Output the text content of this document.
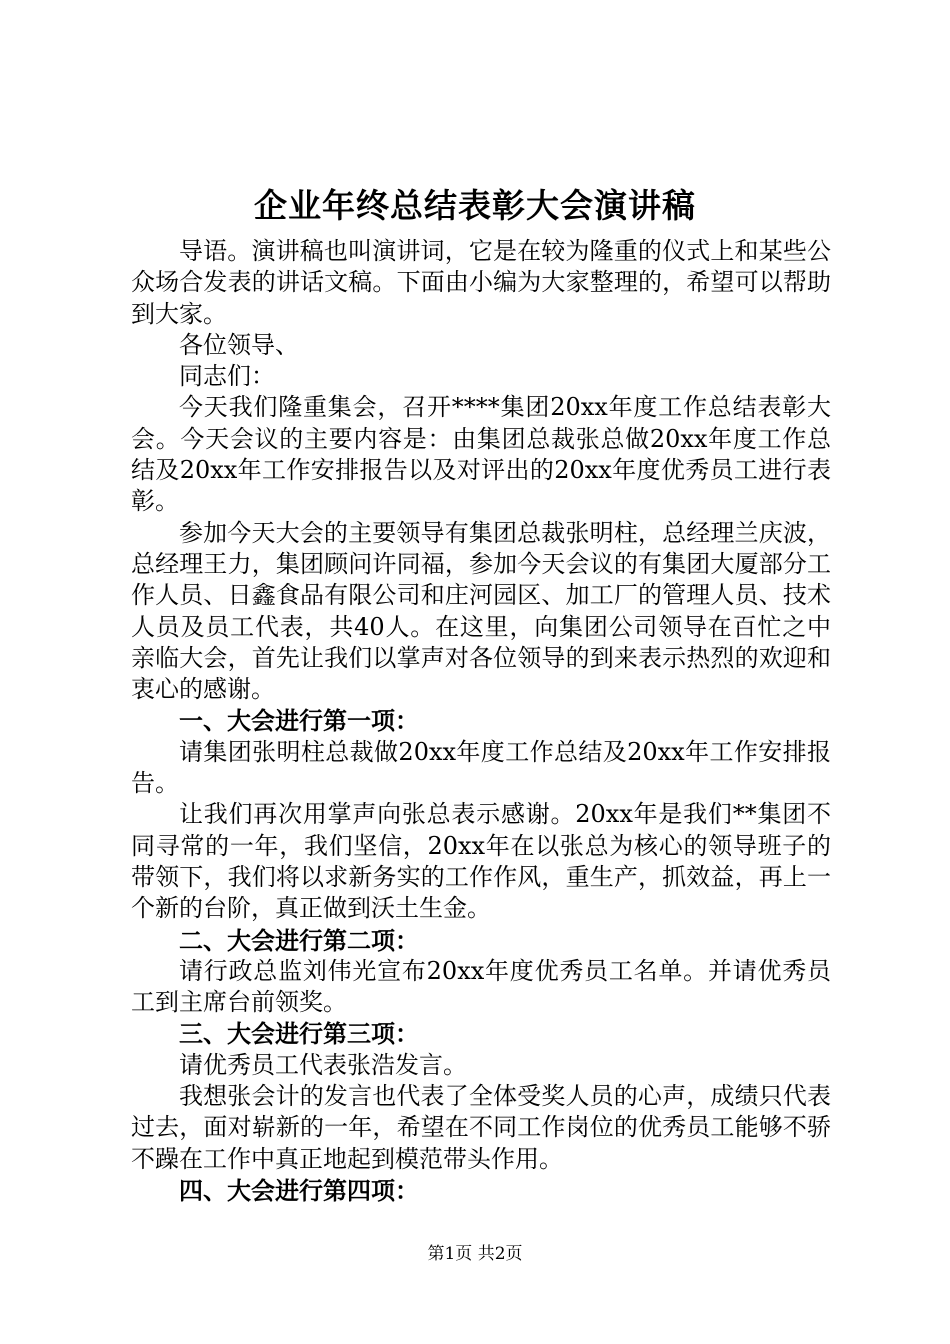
企业年终总结表彰大会演讲稿

导语。演讲稿也叫演讲词，它是在较为隆重的仪式上和某些公众场合发表的讲话文稿。下面由小编为大家整理的，希望可以帮助到大家。

各位领导、

同志们：

今天我们隆重集会，召开****集团20xx年度工作总结表彰大会。今天会议的主要内容是：由集团总裁张总做20xx年度工作总结及20xx年工作安排报告以及对评出的20xx年度优秀员工进行表彰。

参加今天大会的主要领导有集团总裁张明柱，总经理兰庆波，总经理王力，集团顾问许同福，参加今天会议的有集团大厦部分工作人员、日鑫食品有限公司和庄河园区、加工厂的管理人员、技术人员及员工代表，共40人。在这里，向集团公司领导在百忙之中亲临大会，首先让我们以掌声对各位领导的到来表示热烈的欢迎和衷心的感谢。

一、大会进行第一项：

请集团张明柱总裁做20xx年度工作总结及20xx年工作安排报告。

让我们再次用掌声向张总表示感谢。20xx年是我们**集团不同寻常的一年，我们坚信，20xx年在以张总为核心的领导班子的带领下，我们将以求新务实的工作作风，重生产，抓效益，再上一个新的台阶，真正做到沃土生金。

二、大会进行第二项：

请行政总监刘伟光宣布20xx年度优秀员工名单。并请优秀员工到主席台前领奖。

三、大会进行第三项：

请优秀员工代表张浩发言。

我想张会计的发言也代表了全体受奖人员的心声，成绩只代表过去，面对崭新的一年，希望在不同工作岗位的优秀员工能够不骄不躁在工作中真正地起到模范带头作用。

四、大会进行第四项：

第1页 共2页
